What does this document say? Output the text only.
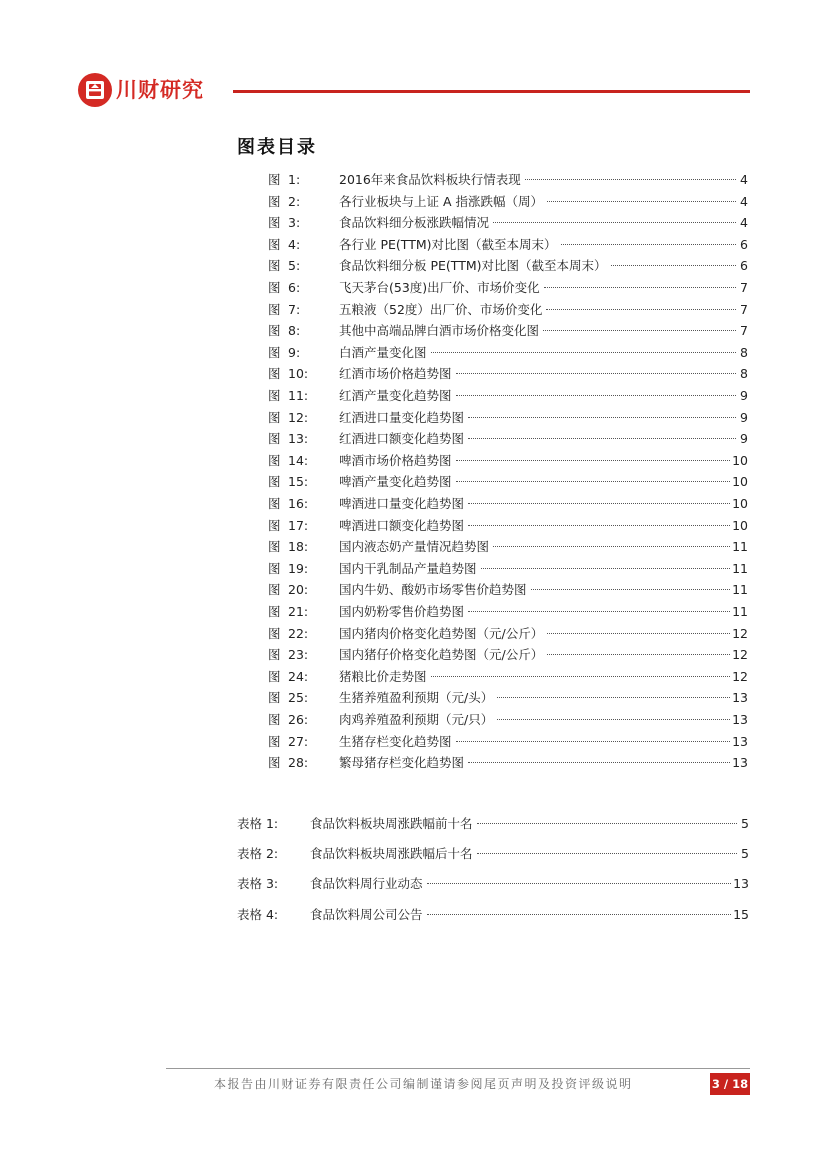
川财研究
图表目录
图 1:	2016年来食品饮料板块行情表现	4
图 2:	各行业板块与上证 A 指涨跌幅（周）	4
图 3:	食品饮料细分板涨跌幅情况	4
图 4:	各行业 PE(TTM)对比图（截至本周末）	6
图 5:	食品饮料细分板 PE(TTM)对比图（截至本周末）	6
图 6:	飞天茅台(53度)出厂价、市场价变化	7
图 7:	五粮液（52度）出厂价、市场价变化	7
图 8:	其他中高端品牌白酒市场价格变化图	7
图 9:	白酒产量变化图	8
图 10: 红酒市场价格趋势图	8
图 11: 红酒产量变化趋势图	9
图 12: 红酒进口量变化趋势图	9
图 13: 红酒进口额变化趋势图	9
图 14: 啤酒市场价格趋势图	10
图 15: 啤酒产量变化趋势图	10
图 16: 啤酒进口量变化趋势图	10
图 17: 啤酒进口额变化趋势图	10
图 18: 国内液态奶产量情况趋势图	11
图 19: 国内干乳制品产量趋势图	11
图 20: 国内牛奶、酸奶市场零售价趋势图	11
图 21: 国内奶粉零售价趋势图	11
图 22: 国内猪肉价格变化趋势图（元/公斤）	12
图 23: 国内猪仔价格变化趋势图（元/公斤）	12
图 24: 猪粮比价走势图	12
图 25: 生猪养殖盈利预期（元/头）	13
图 26: 肉鸡养殖盈利预期（元/只）	13
图 27: 生猪存栏变化趋势图	13
图 28: 繁母猪存栏变化趋势图	13
表格 1:	食品饮料板块周涨跌幅前十名	5
表格 2:	食品饮料板块周涨跌幅后十名	5
表格 3:	食品饮料周行业动态	13
表格 4:	食品饮料周公司公告	15
本报告由川财证券有限责任公司编制谨请参阅尾页声明及投资评级说明	3 / 18
